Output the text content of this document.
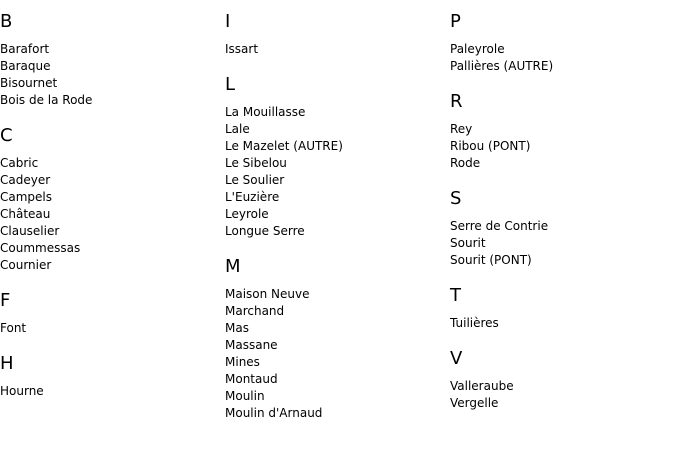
B
Barafort
Baraque
Bisournet
Bois de la Rode
C
Cabric
Cadeyer
Campels
Château
Clauselier
Coummessas
Cournier
F
Font
H
Hourne
I
Issart
L
La Mouillasse
Lale
Le Mazelet (AUTRE)
Le Sibelou
Le Soulier
L'Euzière
Leyrole
Longue Serre
M
Maison Neuve
Marchand
Mas
Massane
Mines
Montaud
Moulin
Moulin d'Arnaud
P
Paleyrole
Pallières (AUTRE)
R
Rey
Ribou (PONT)
Rode
S
Serre de Contrie
Sourit
Sourit (PONT)
T
Tuilières
V
Valleraube
Vergelle
